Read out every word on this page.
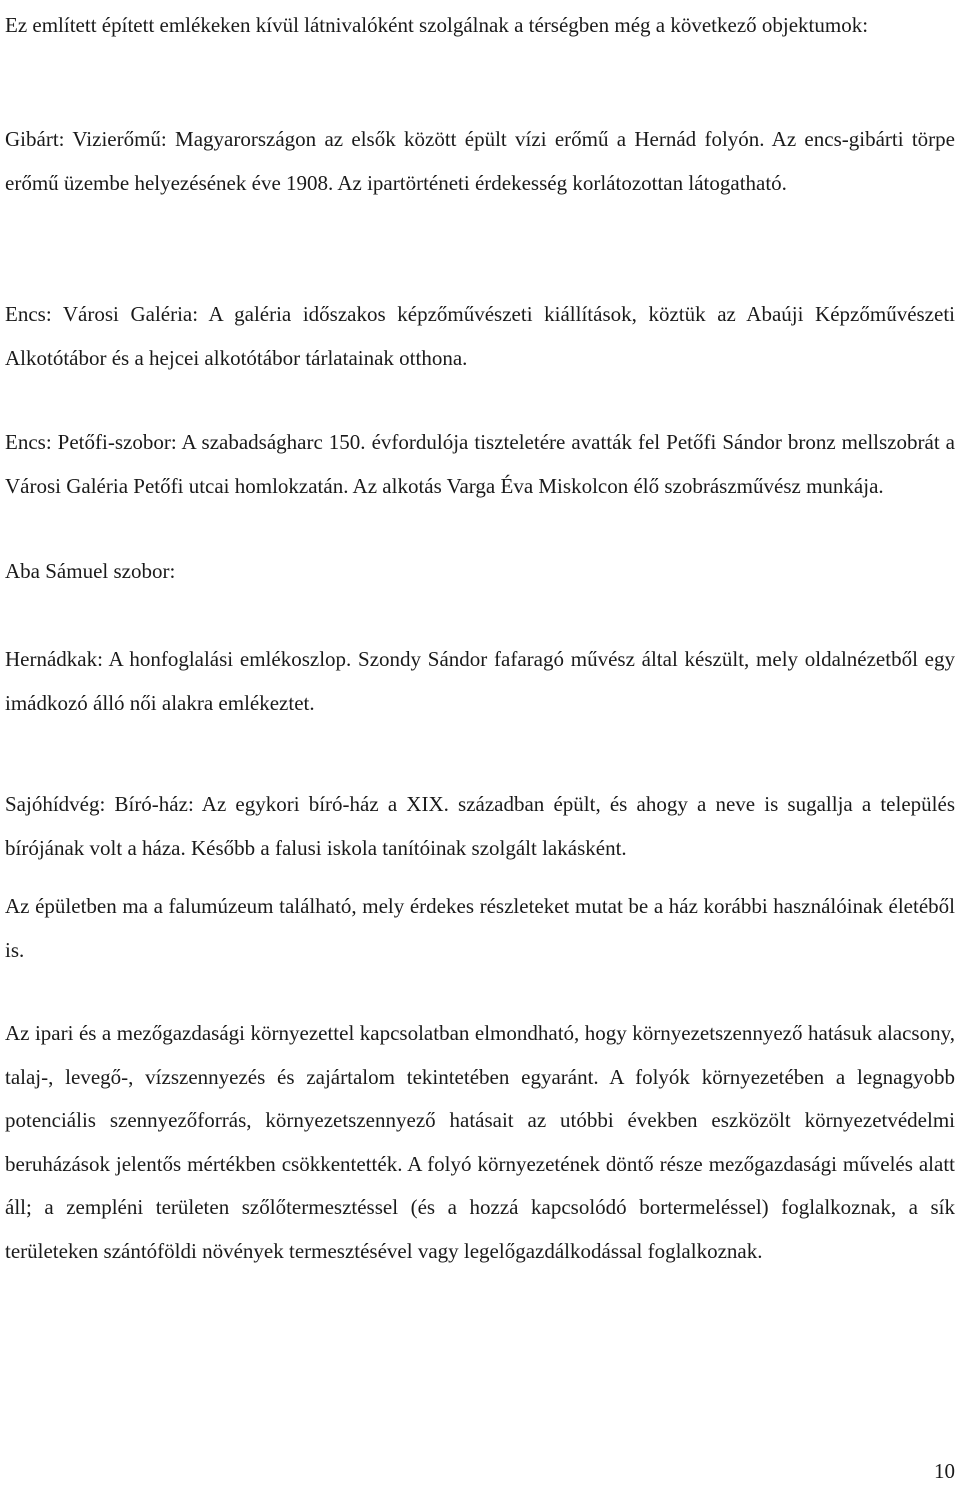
Ez említett épített emlékeken kívül látnivalóként szolgálnak a térségben még a következő objektumok:

Gibárt: Vizierőmű: Magyarországon az elsők között épült vízi erőmű a Hernád folyón. Az encs-gibárti törpe erőmű üzembe helyezésének éve 1908. Az ipartörténeti érdekesség korlátozottan látogatható.

Encs: Városi Galéria: A galéria időszakos képzőművészeti kiállítások, köztük az Abaúji Képzőművészeti Alkotótábor és a hejcei alkotótábor tárlatainak otthona.

Encs: Petőfi-szobor: A szabadságharc 150. évfordulója tiszteletére avatták fel Petőfi Sándor bronz mellszobrát a Városi Galéria Petőfi utcai homlokzatán. Az alkotás Varga Éva Miskolcon élő szobrászművész munkája.

Aba Sámuel szobor:

Hernádkak: A honfoglalási emlékoszlop. Szondy Sándor fafaragó művész által készült, mely oldalnézetből egy imádkozó álló női alakra emlékeztet.

Sajóhídvég: Bíró-ház: Az egykori bíró-ház a XIX. században épült, és ahogy a neve is sugallja a település bírójának volt a háza. Később a falusi iskola tanítóinak szolgált lakásként.

Az épületben ma a falumúzeum található, mely érdekes részleteket mutat be a ház korábbi használóinak életéből is.

Az ipari és a mezőgazdasági környezettel kapcsolatban elmondható, hogy környezetszennyező hatásuk alacsony, talaj-, levegő-, vízszennyezés és zajártalom tekintetében egyaránt. A folyók környezetében a legnagyobb potenciális szennyezőforrás, környezetszennyező hatásait az utóbbi években eszközölt környezetvédelmi beruházások jelentős mértékben csökkentették. A folyó környezetének döntő része mezőgazdasági művelés alatt áll; a zempléni területen szőlőtermesztéssel (és a hozzá kapcsolódó bortermeléssel) foglalkoznak, a sík területeken szántóföldi növények termesztésével vagy legelőgazdálkodással foglalkoznak.

10
